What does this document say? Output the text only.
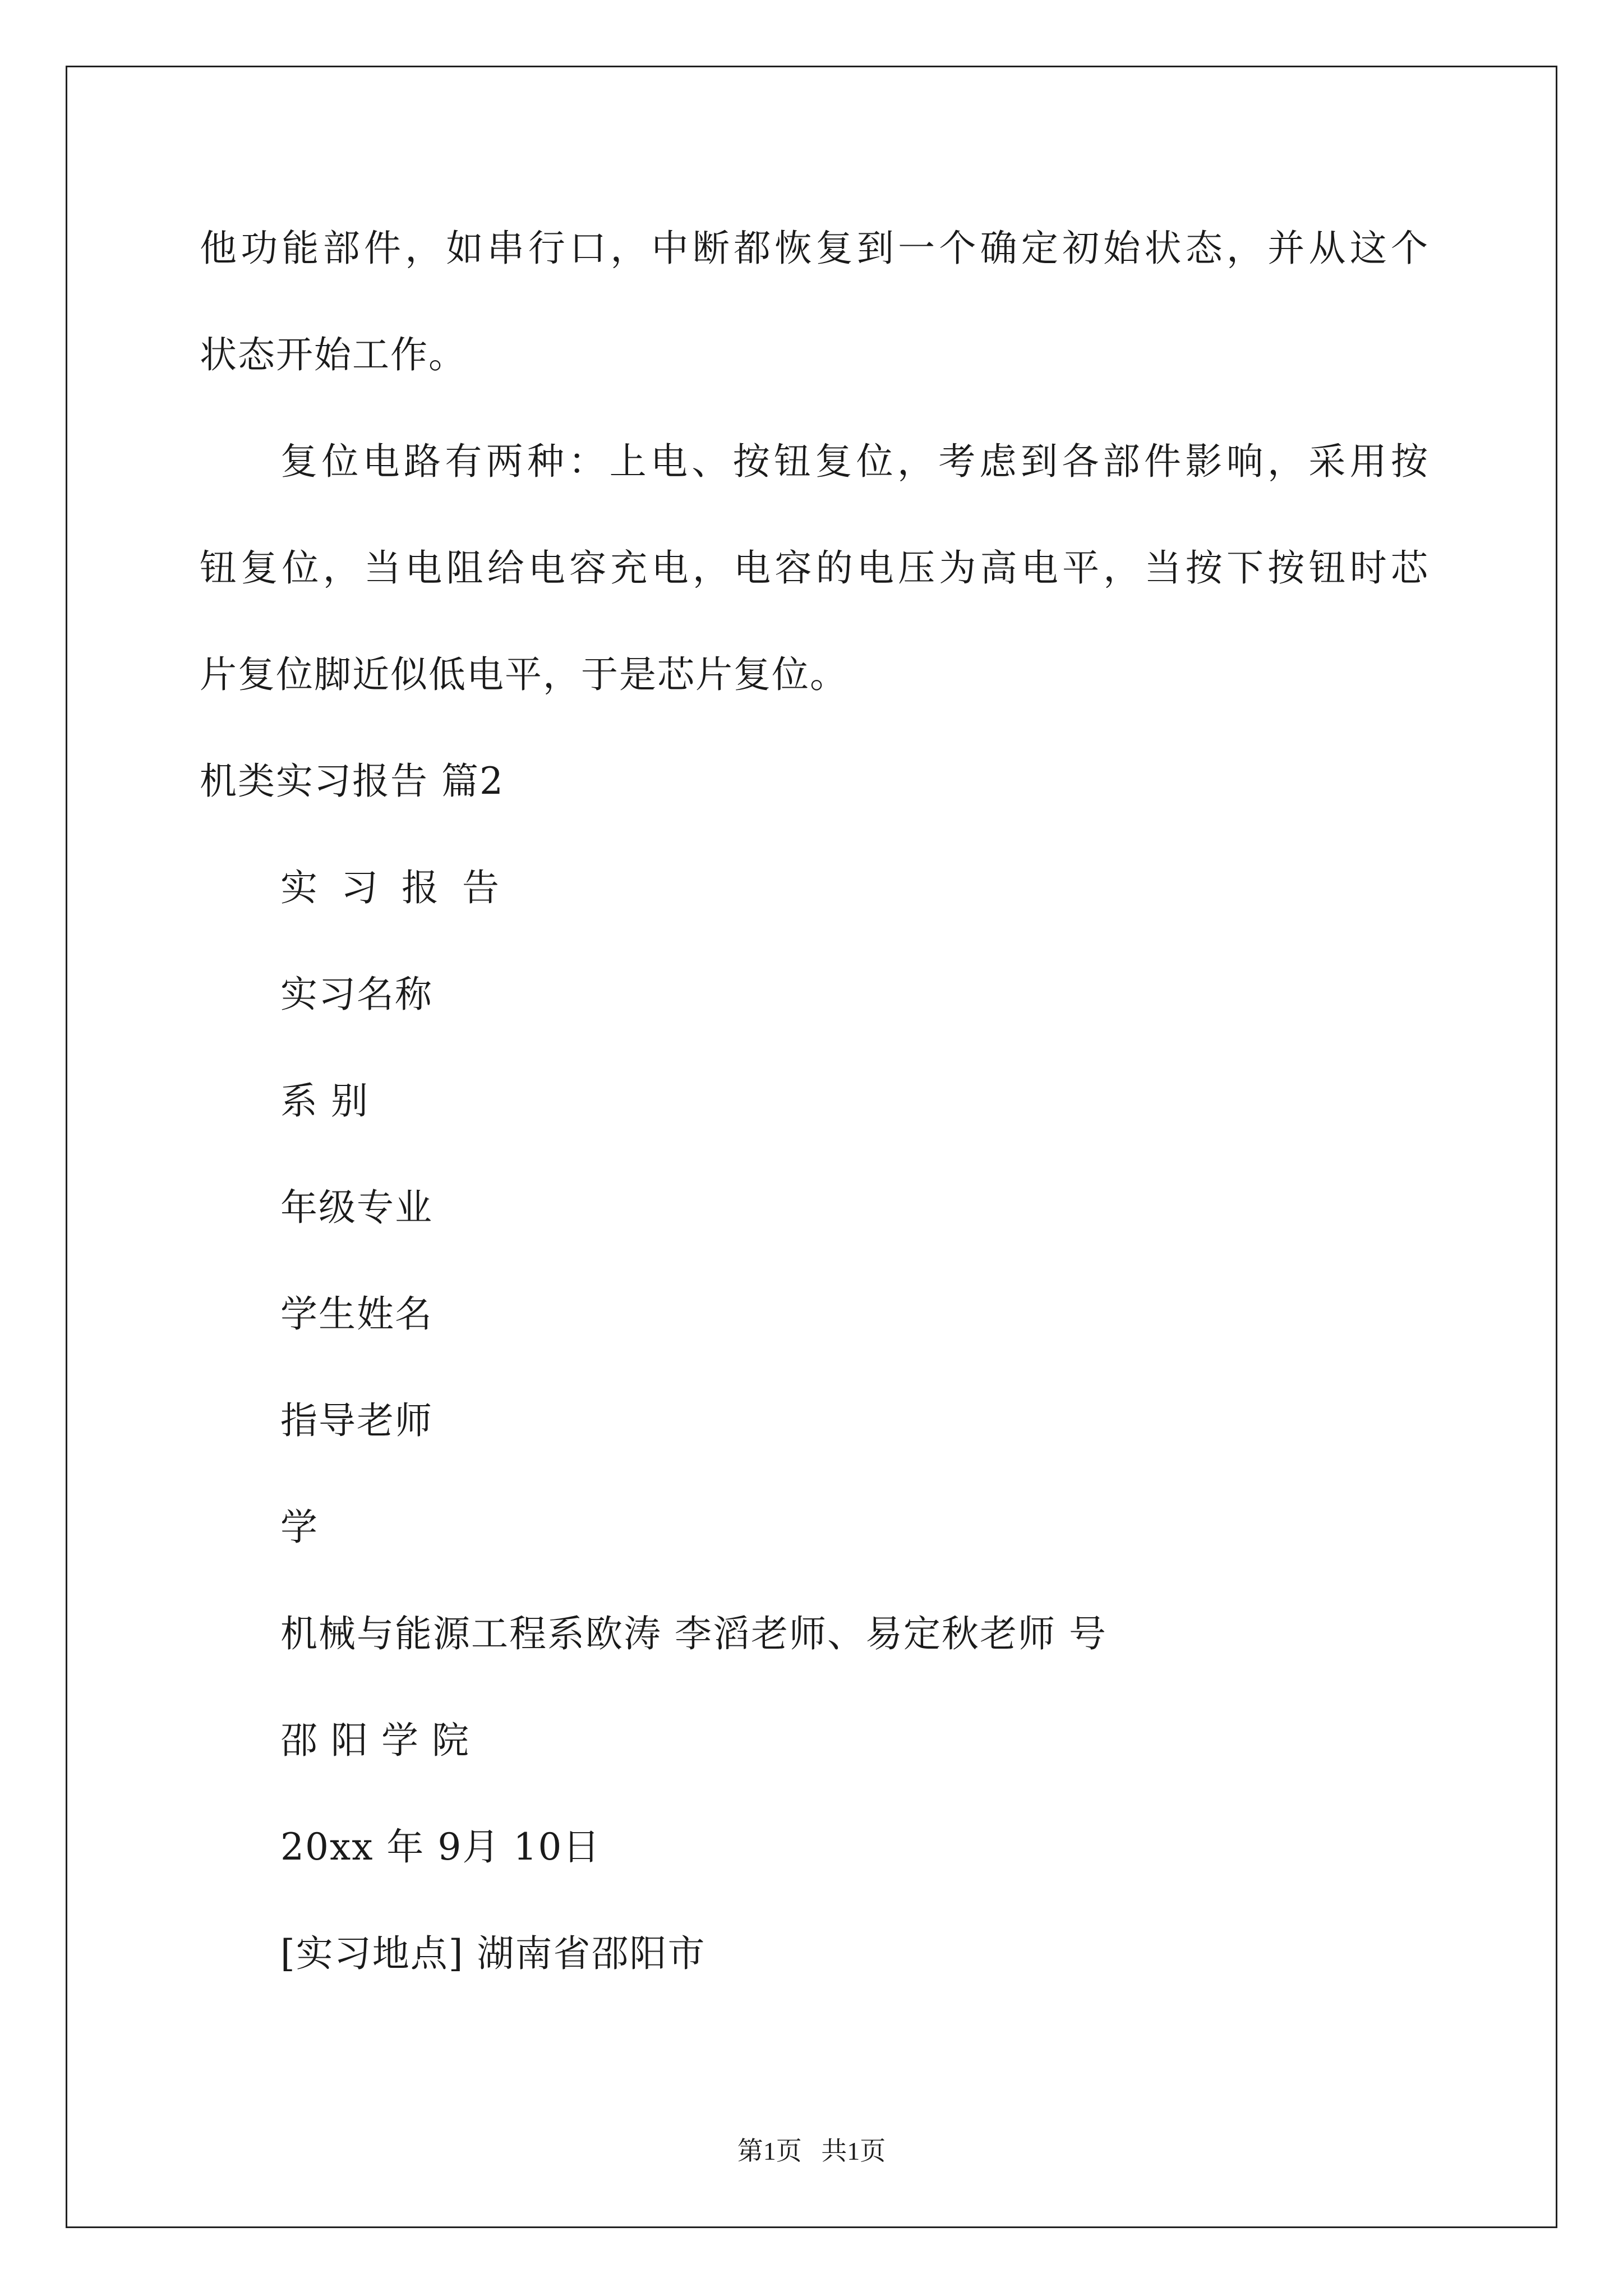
他功能部件，如串行口，中断都恢复到一个确定初始状态，并从这个
状态开始工作。
复位电路有两种：上电、按钮复位，考虑到各部件影响，采用按
钮复位，当电阻给电容充电，电容的电压为高电平，当按下按钮时芯
片复位脚近似低电平，于是芯片复位。
机类实习报告 篇2
实习报告
实习名称
系别
年级专业
学生姓名
指导老师
学
机械与能源工程系欧涛 李滔老师、易定秋老师 号
邵阳学院
20xx 年 9月 10日
[实习地点] 湖南省邵阳市
第1页   共1页
